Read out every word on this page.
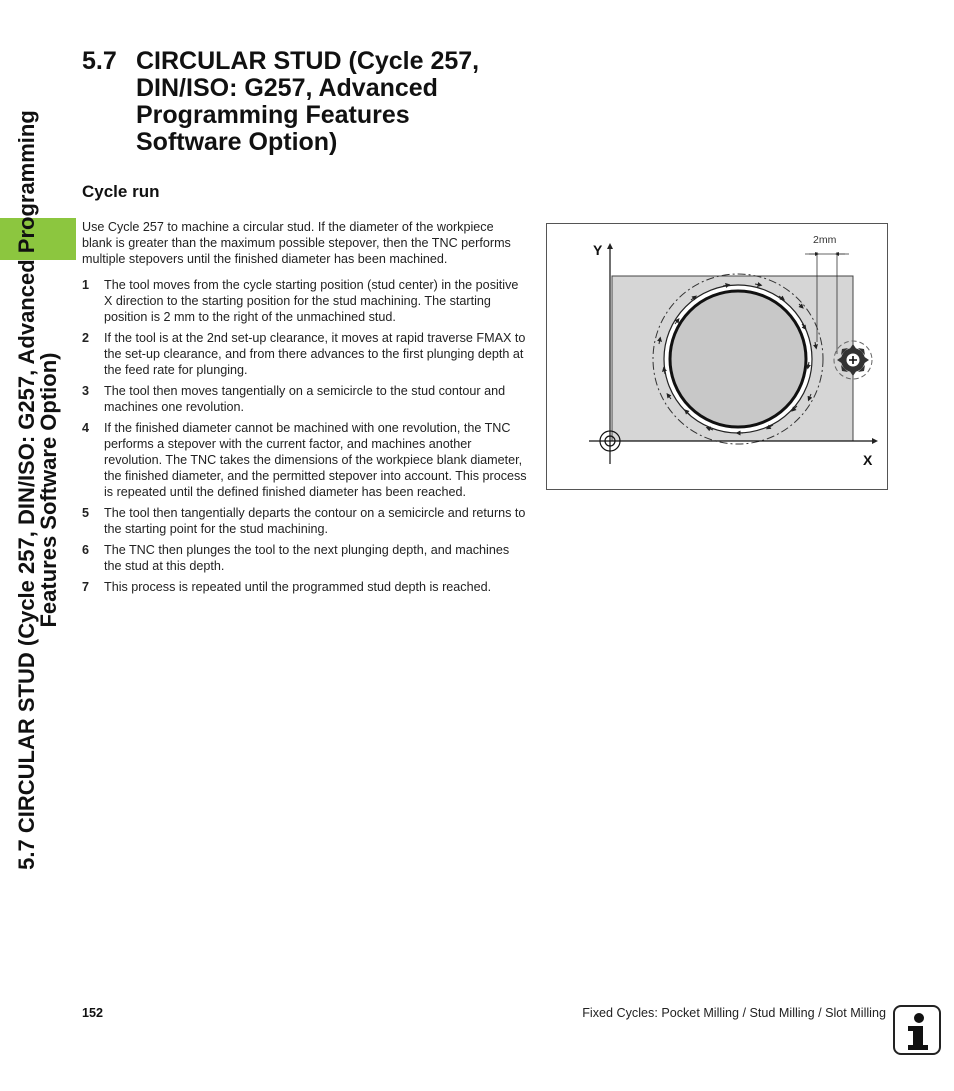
5.7 CIRCULAR STUD (Cycle 257, DIN/ISO: G257, Advanced Programming
Features Software Option)
5.7 CIRCULAR STUD (Cycle 257, DIN/ISO: G257, Advanced Programming Features Software Option)
Cycle run

Use Cycle 257 to machine a circular stud. If the diameter of the workpiece blank is greater than the maximum possible stepover, then the TNC performs multiple stepovers until the finished diameter has been machined.

1	The tool moves from the cycle starting position (stud center) in the positive X direction to the starting position for the stud machining. The starting position is 2 mm to the right of the unmachined stud.
2	If the tool is at the 2nd set-up clearance, it moves at rapid traverse FMAX to the set-up clearance, and from there advances to the first plunging depth at the feed rate for plunging.
3	The tool then moves tangentially on a semicircle to the stud contour and machines one revolution.
4	If the finished diameter cannot be machined with one revolution, the TNC performs a stepover with the current factor, and machines another revolution. The TNC takes the dimensions of the workpiece blank diameter, the finished diameter, and the permitted stepover into account. This process is repeated until the defined finished diameter has been reached.
5	The tool then tangentially departs the contour on a semicircle and returns to the starting point for the stud machining.
6	The TNC then plunges the tool to the next plunging depth, and machines the stud at this depth.
7	This process is repeated until the programmed stud depth is reached.
Y
X
2mm
152	Fixed Cycles: Pocket Milling / Stud Milling / Slot Milling
